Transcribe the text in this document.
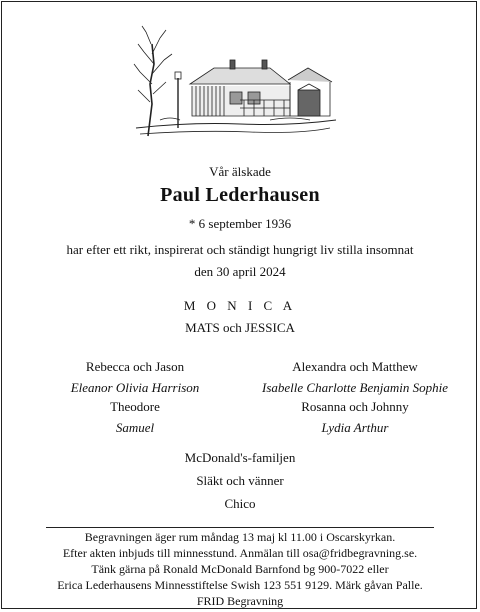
Vår älskade
Paul Lederhausen
* 6 september 1936
har efter ett rikt, inspirerat och ständigt hungrigt liv stilla insomnat
den 30 april 2024
M O N I C A
MATS och JESSICA
Rebecca och Jason
Eleanor Olivia Harrison
Alexandra och Matthew
Isabelle Charlotte Benjamin Sophie
Theodore
Samuel
Rosanna och Johnny
Lydia Arthur
McDonald's-familjen
Släkt och vänner
Chico
Begravningen äger rum måndag 13 maj kl 11.00 i Oscarskyrkan.
Efter akten inbjuds till minnesstund. Anmälan till osa@fridbegravning.se.
Tänk gärna på Ronald McDonald Barnfond bg 900-7022 eller
Erica Lederhausens Minnesstiftelse Swish 123 551 9129. Märk gåvan Palle.
FRID Begravning
